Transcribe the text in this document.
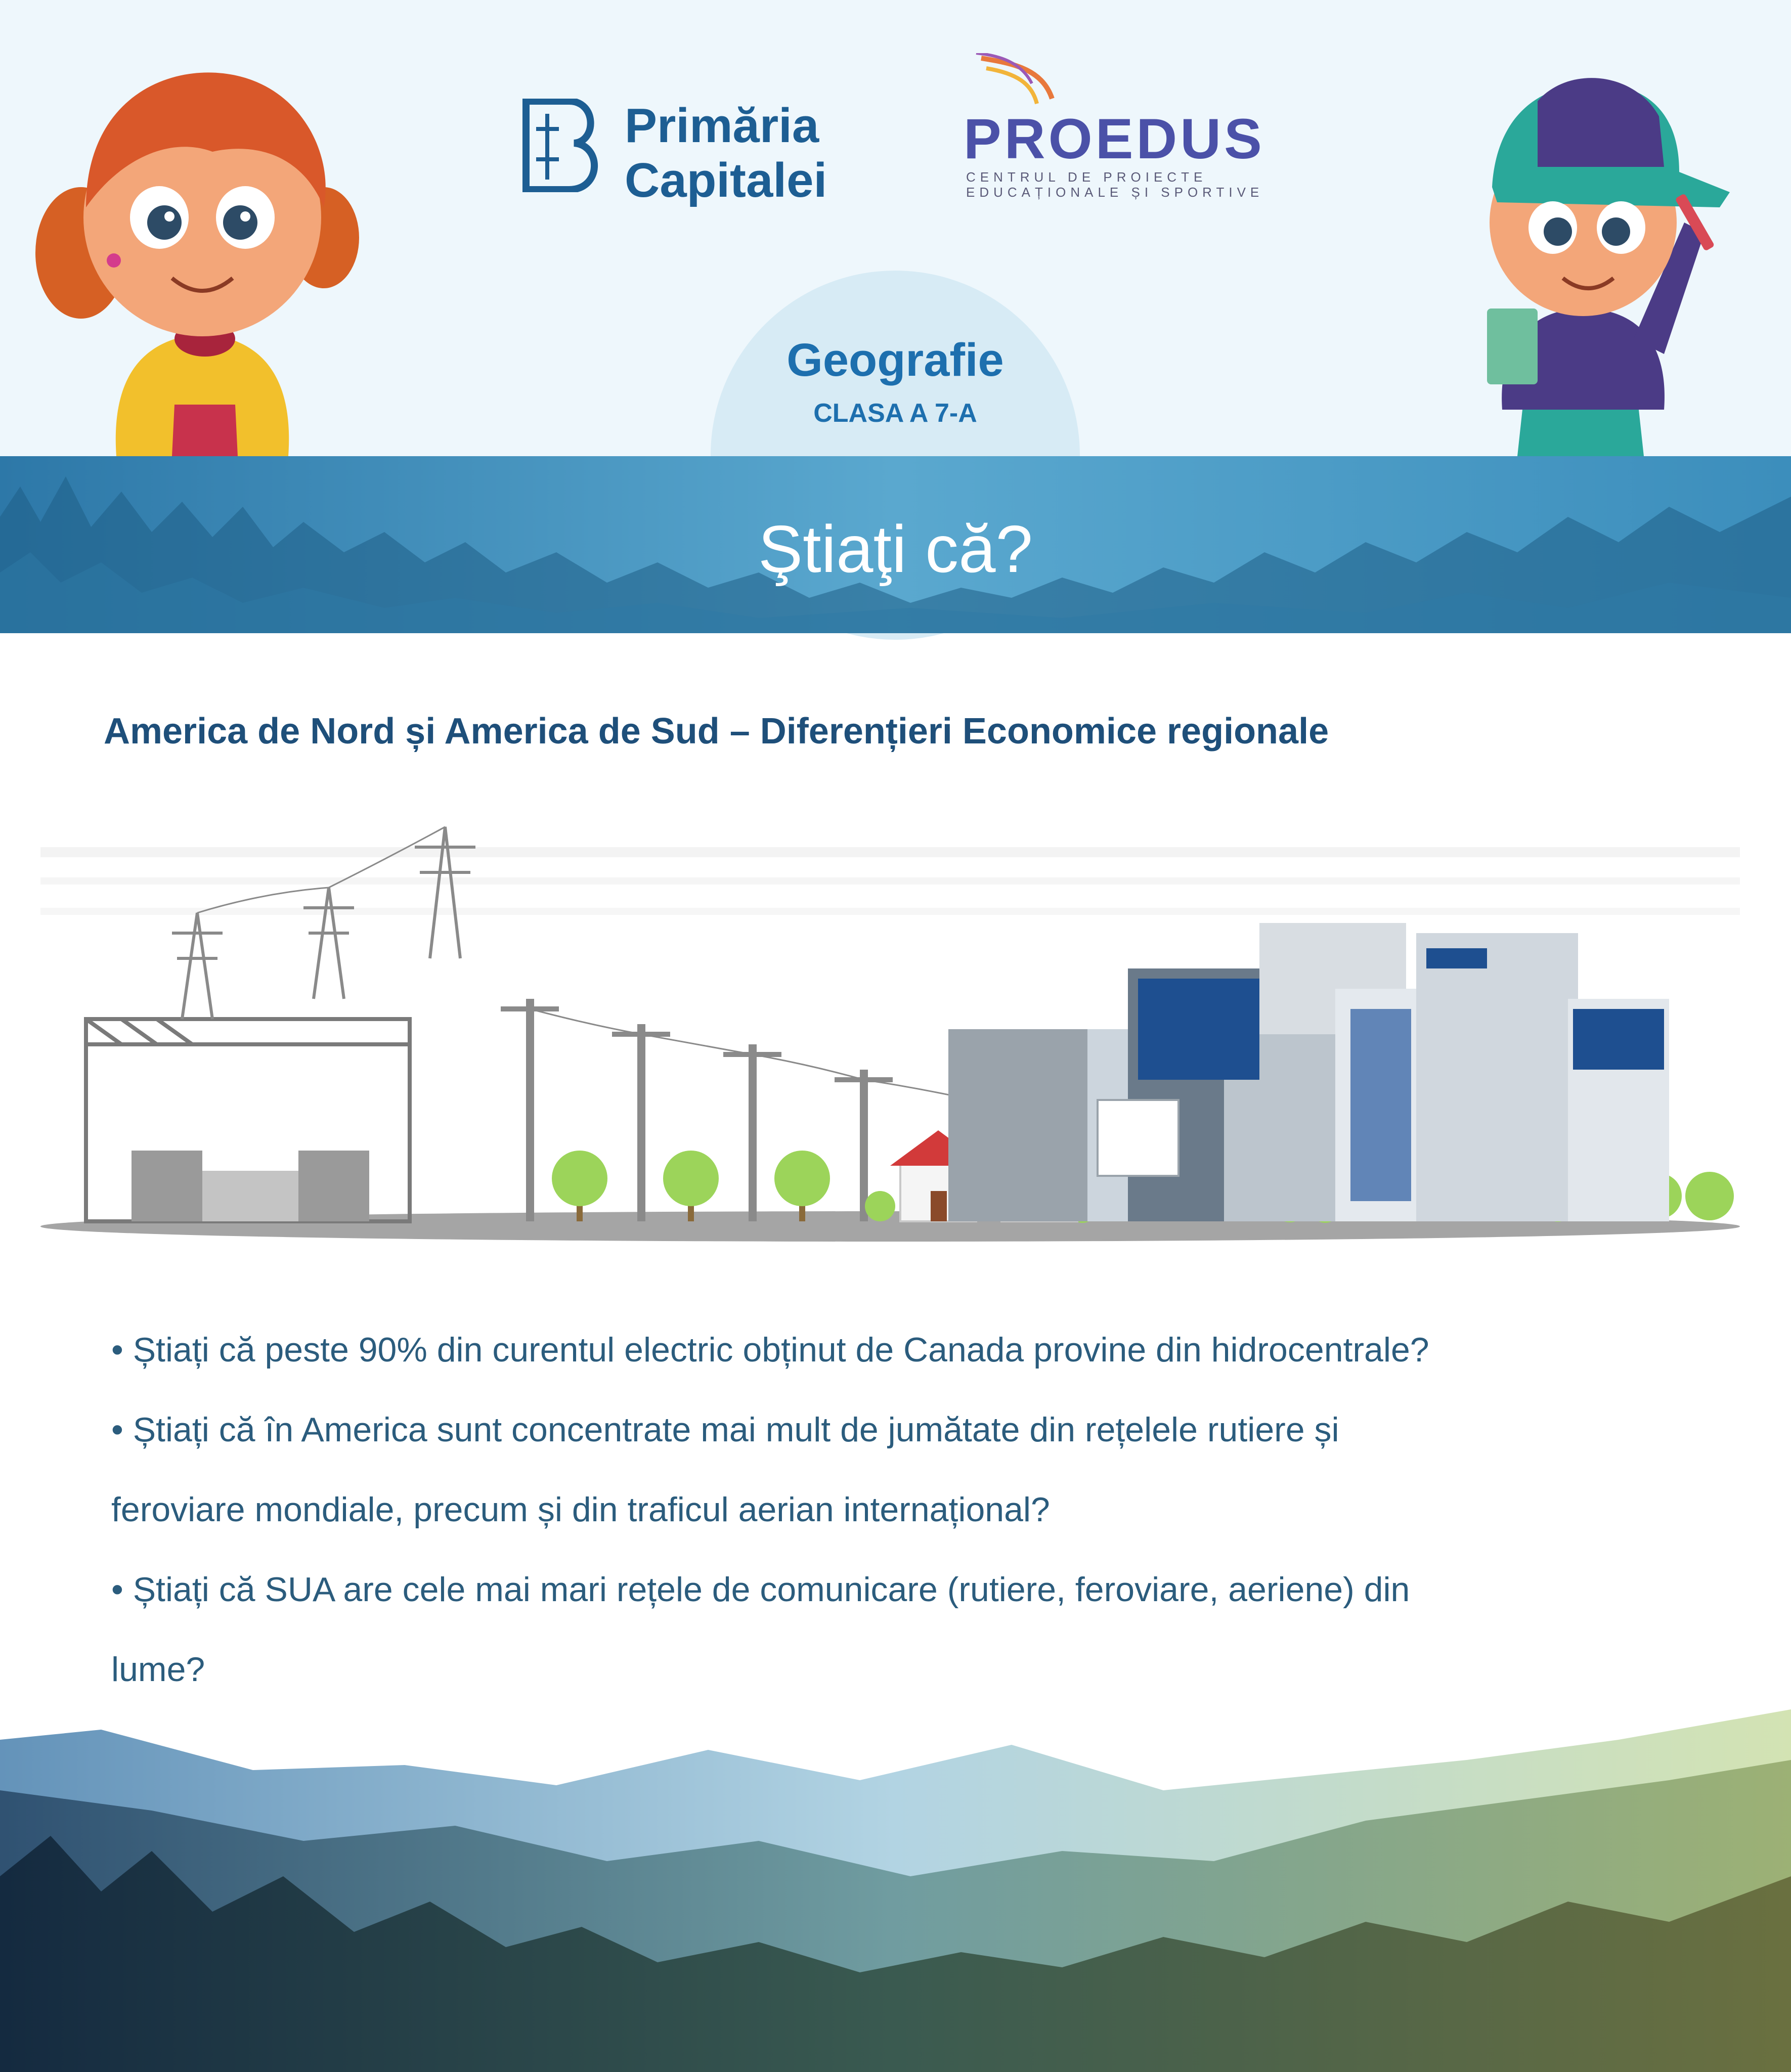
Primăria
Capitalei
PROEDUS
CENTRUL DE PROIECTE
EDUCAȚIONALE ȘI SPORTIVE
Geografie
CLASA A 7-A
Ştiaţi că?
America de Nord și America de Sud – Diferențieri Economice regionale
• Știați că peste 90% din curentul electric obținut de Canada provine din hidrocentrale?
• Știați că în America sunt concentrate mai mult de jumătate din rețelele rutiere și
feroviare mondiale, precum și din traficul aerian internațional?
• Știați că SUA are cele mai mari rețele de comunicare (rutiere, feroviare, aeriene) din
lume?
